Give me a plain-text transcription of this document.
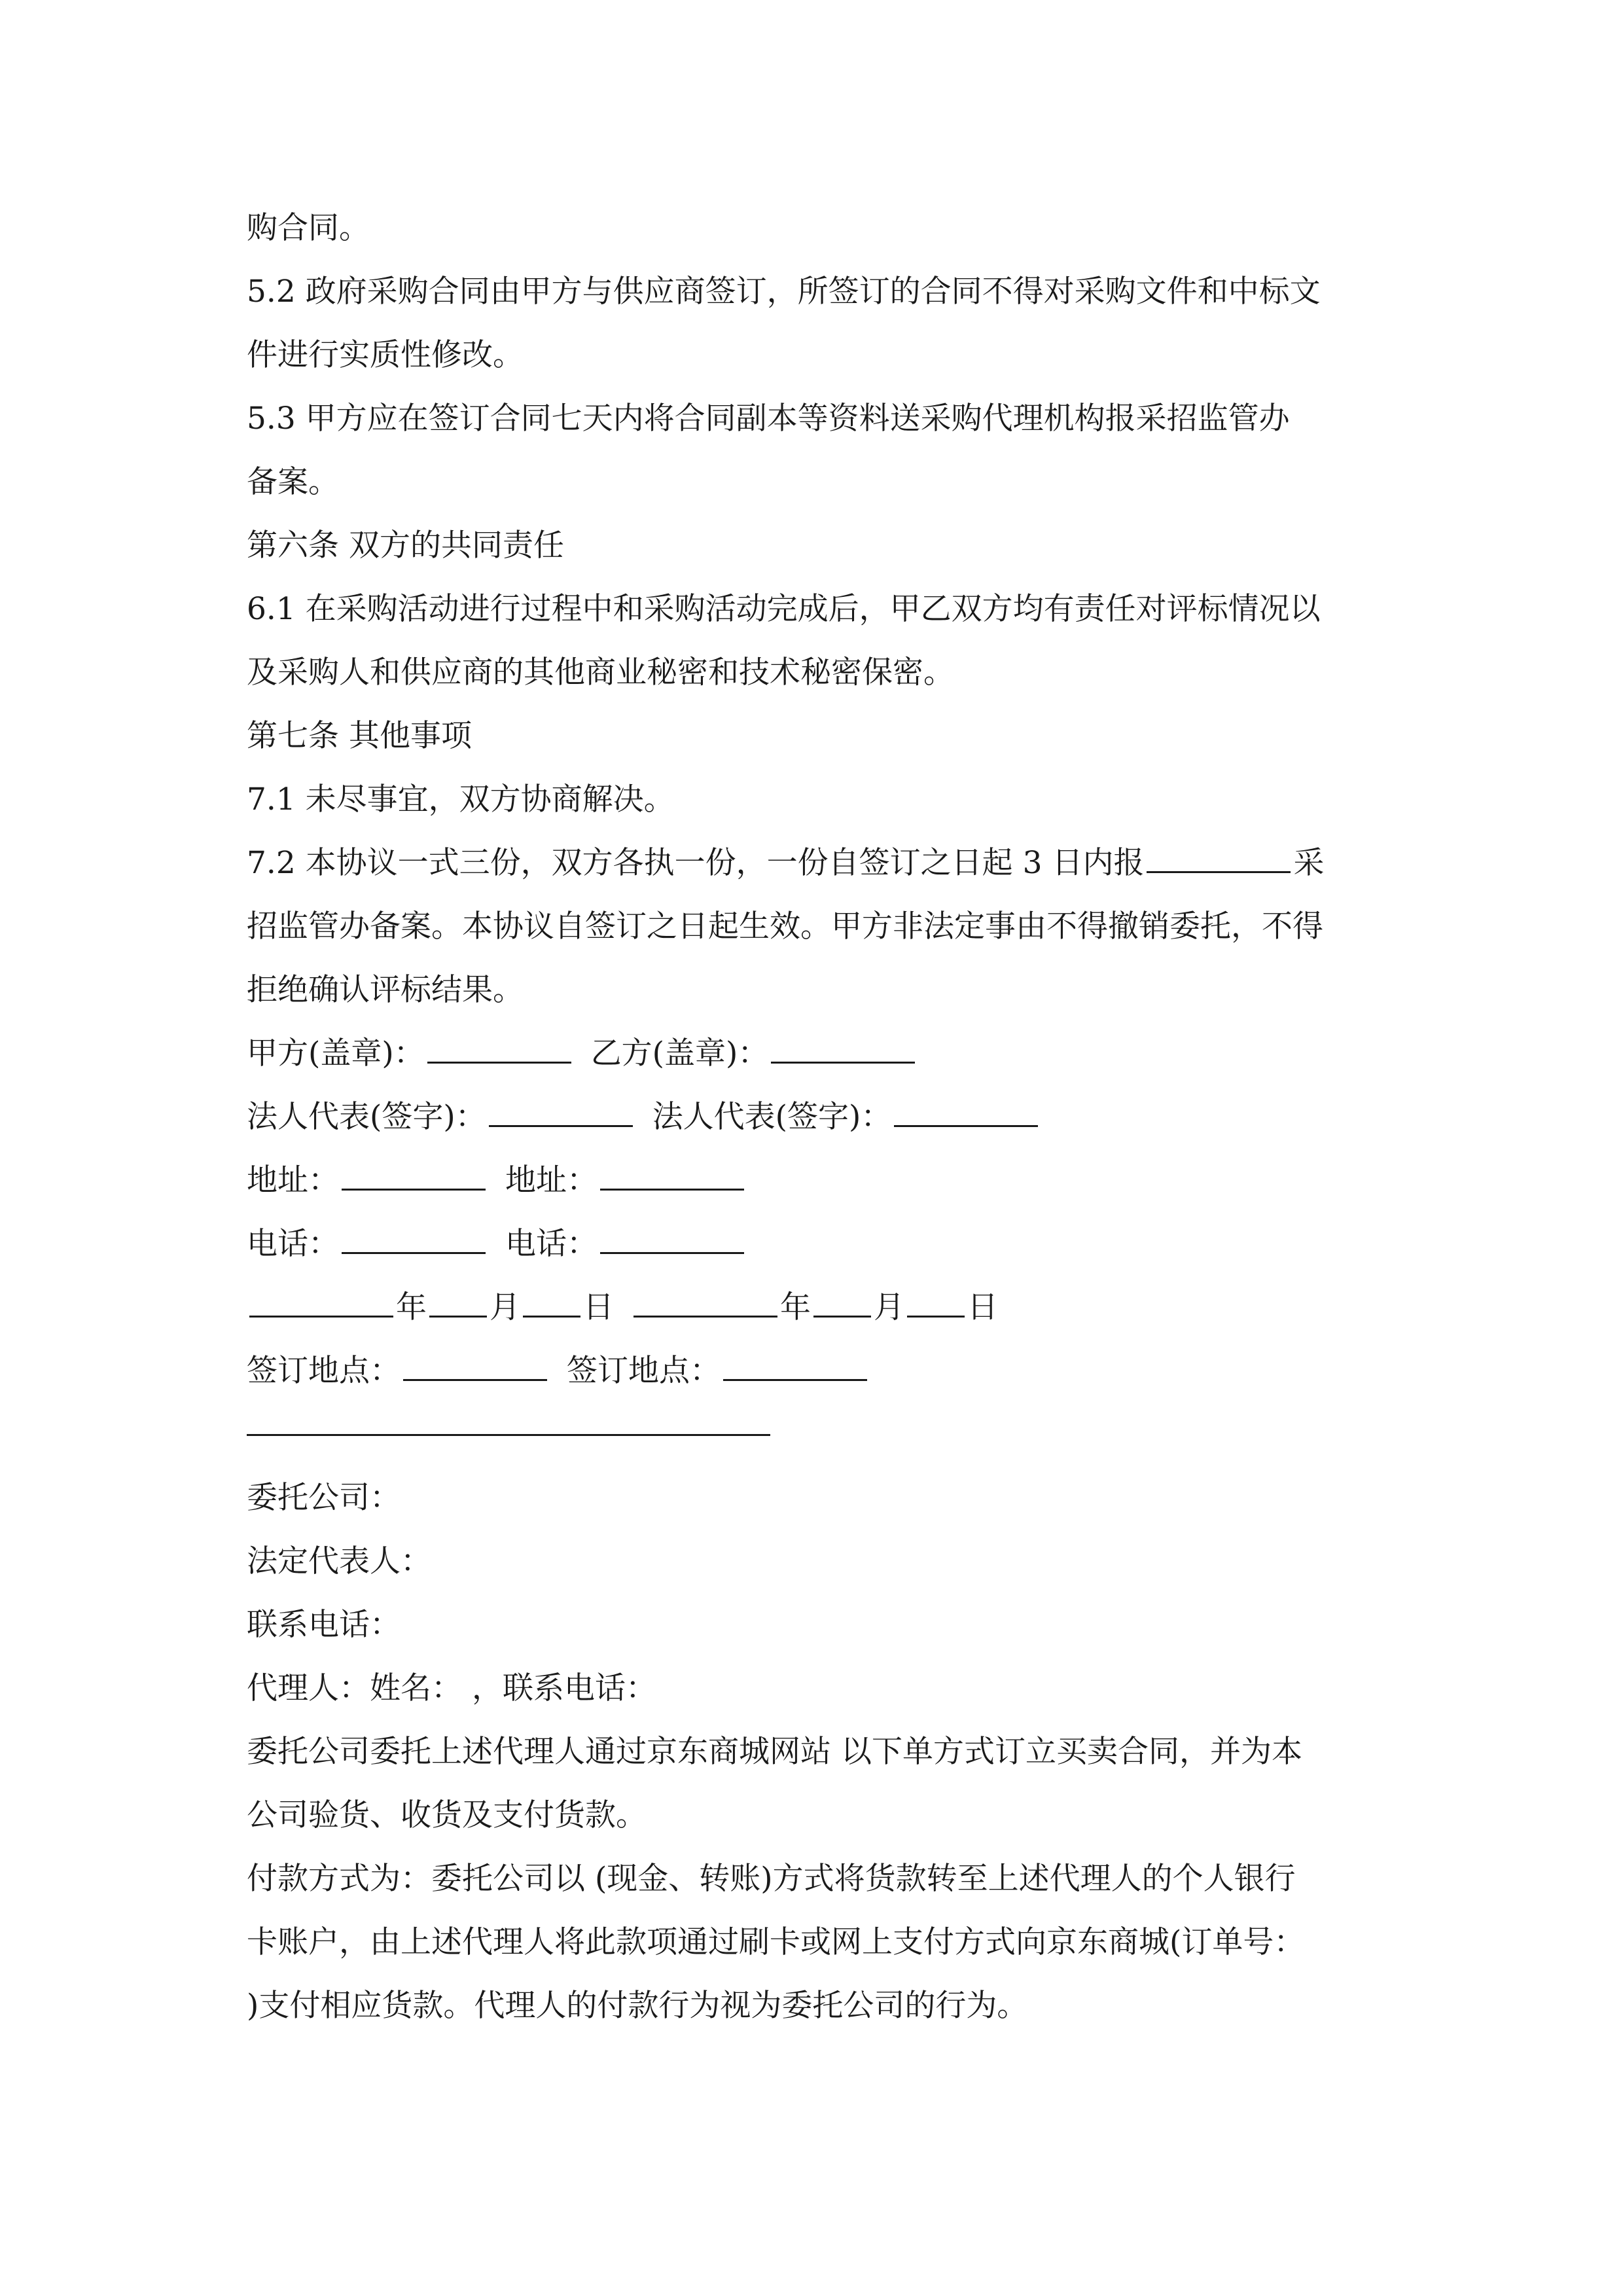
购合同。
5.2 政府采购合同由甲方与供应商签订，所签订的合同不得对采购文件和中标文
件进行实质性修改。
5.3 甲方应在签订合同七天内将合同副本等资料送采购代理机构报采招监管办
备案。
第六条 双方的共同责任
6.1 在采购活动进行过程中和采购活动完成后，甲乙双方均有责任对评标情况以
及采购人和供应商的其他商业秘密和技术秘密保密。
第七条 其他事项
7.1 未尽事宜，双方协商解决。
7.2 本协议一式三份，双方各执一份，一份自签订之日起 3 日内报	采
招监管办备案。本协议自签订之日起生效。甲方非法定事由不得撤销委托，不得
拒绝确认评标结果。
甲方(盖章)：	乙方(盖章)：
法人代表(签字)：	法人代表(签字)：
地址：	地址：
电话：	电话：
年 月 日	年 月 日
签订地点：	签订地点：
委托公司：
法定代表人：
联系电话：
代理人：姓名： ，联系电话：
委托公司委托上述代理人通过京东商城网站 以下单方式订立买卖合同，并为本
公司验货、收货及支付货款。
付款方式为：委托公司以 (现金、转账)方式将货款转至上述代理人的个人银行
卡账户，由上述代理人将此款项通过刷卡或网上支付方式向京东商城(订单号：
)支付相应货款。代理人的付款行为视为委托公司的行为。
